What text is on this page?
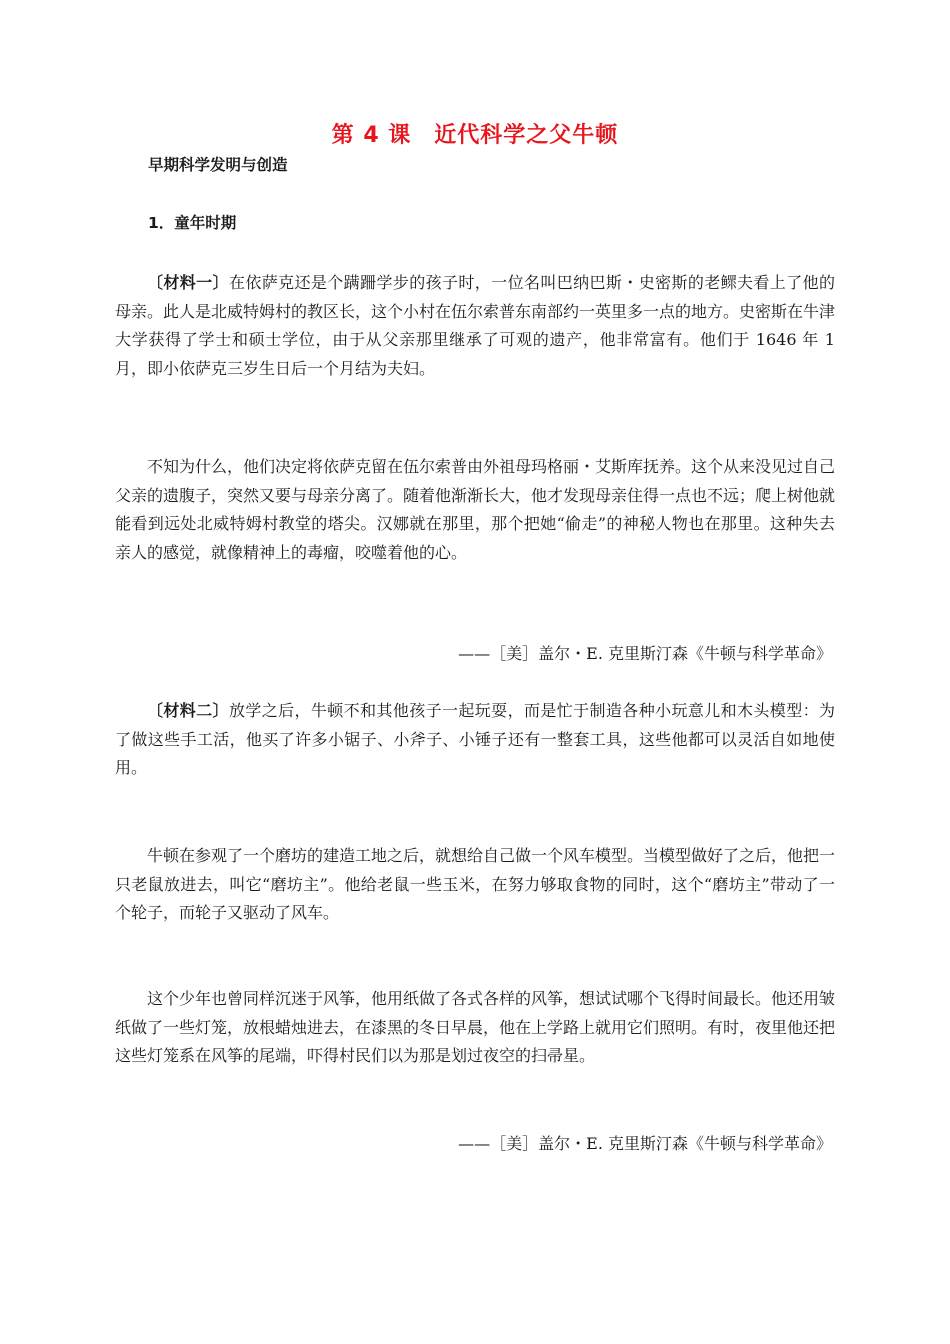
第 4 课　近代科学之父牛顿
早期科学发明与创造
1．童年时期

〔材料一〕在依萨克还是个蹒跚学步的孩子时，一位名叫巴纳巴斯・史密斯的老鳏夫看上了他的母亲。此人是北威特姆村的教区长，这个小村在伍尔索普东南部约一英里多一点的地方。史密斯在牛津大学获得了学士和硕士学位，由于从父亲那里继承了可观的遗产，他非常富有。他们于 1646 年 1 月，即小依萨克三岁生日后一个月结为夫妇。

不知为什么，他们决定将依萨克留在伍尔索普由外祖母玛格丽・艾斯库抚养。这个从来没见过自己父亲的遗腹子，突然又要与母亲分离了。随着他渐渐长大，他才发现母亲住得一点也不远；爬上树他就能看到远处北威特姆村教堂的塔尖。汉娜就在那里，那个把她“偷走”的神秘人物也在那里。这种失去亲人的感觉，就像精神上的毒瘤，咬噬着他的心。

——［美］盖尔・E. 克里斯汀森《牛顿与科学革命》

〔材料二〕放学之后，牛顿不和其他孩子一起玩耍，而是忙于制造各种小玩意儿和木头模型：为了做这些手工活，他买了许多小锯子、小斧子、小锤子还有一整套工具，这些他都可以灵活自如地使用。

牛顿在参观了一个磨坊的建造工地之后，就想给自己做一个风车模型。当模型做好了之后，他把一只老鼠放进去，叫它“磨坊主”。他给老鼠一些玉米，在努力够取食物的同时，这个“磨坊主”带动了一个轮子，而轮子又驱动了风车。

这个少年也曾同样沉迷于风筝，他用纸做了各式各样的风筝，想试试哪个飞得时间最长。他还用皱纸做了一些灯笼，放根蜡烛进去，在漆黑的冬日早晨，他在上学路上就用它们照明。有时，夜里他还把这些灯笼系在风筝的尾端，吓得村民们以为那是划过夜空的扫帚星。

——［美］盖尔・E. 克里斯汀森《牛顿与科学革命》
